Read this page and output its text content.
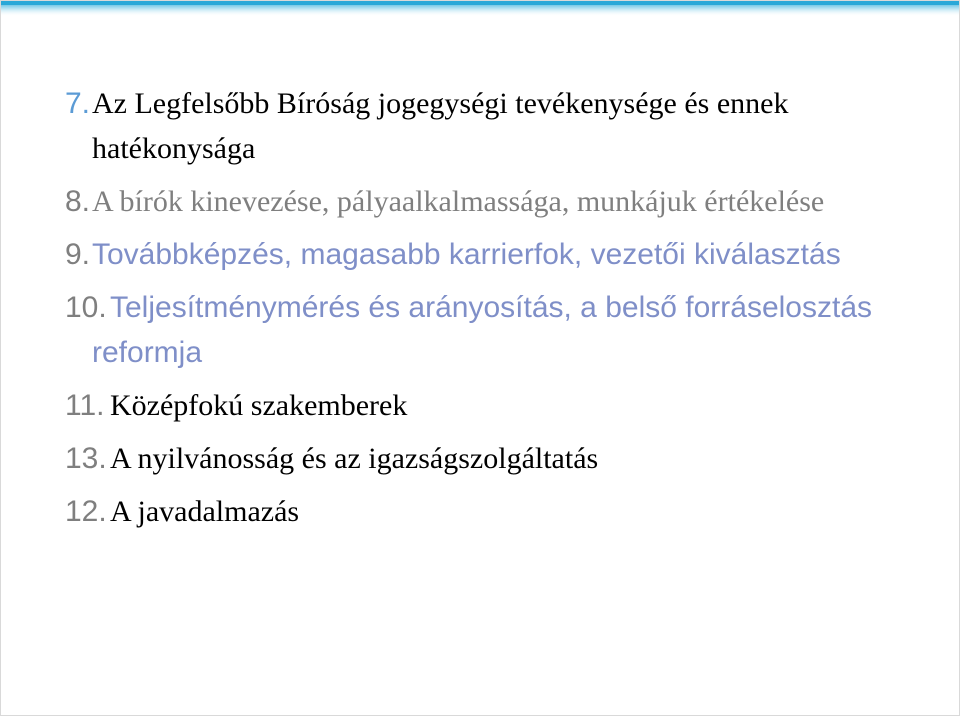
7. Az Legfelsőbb Bíróság jogegységi tevékenysége és ennek hatékonysága
8. A bírók kinevezése, pályaalkalmassága, munkájuk értékelése
9. Továbbképzés, magasabb karrierfok, vezetői kiválasztás
10. Teljesítménymérés és arányosítás, a belső forráselosztás reformja
11. Középfokú szakemberek
13. A nyilvánosság és az igazságszolgáltatás
12. A javadalmazás
